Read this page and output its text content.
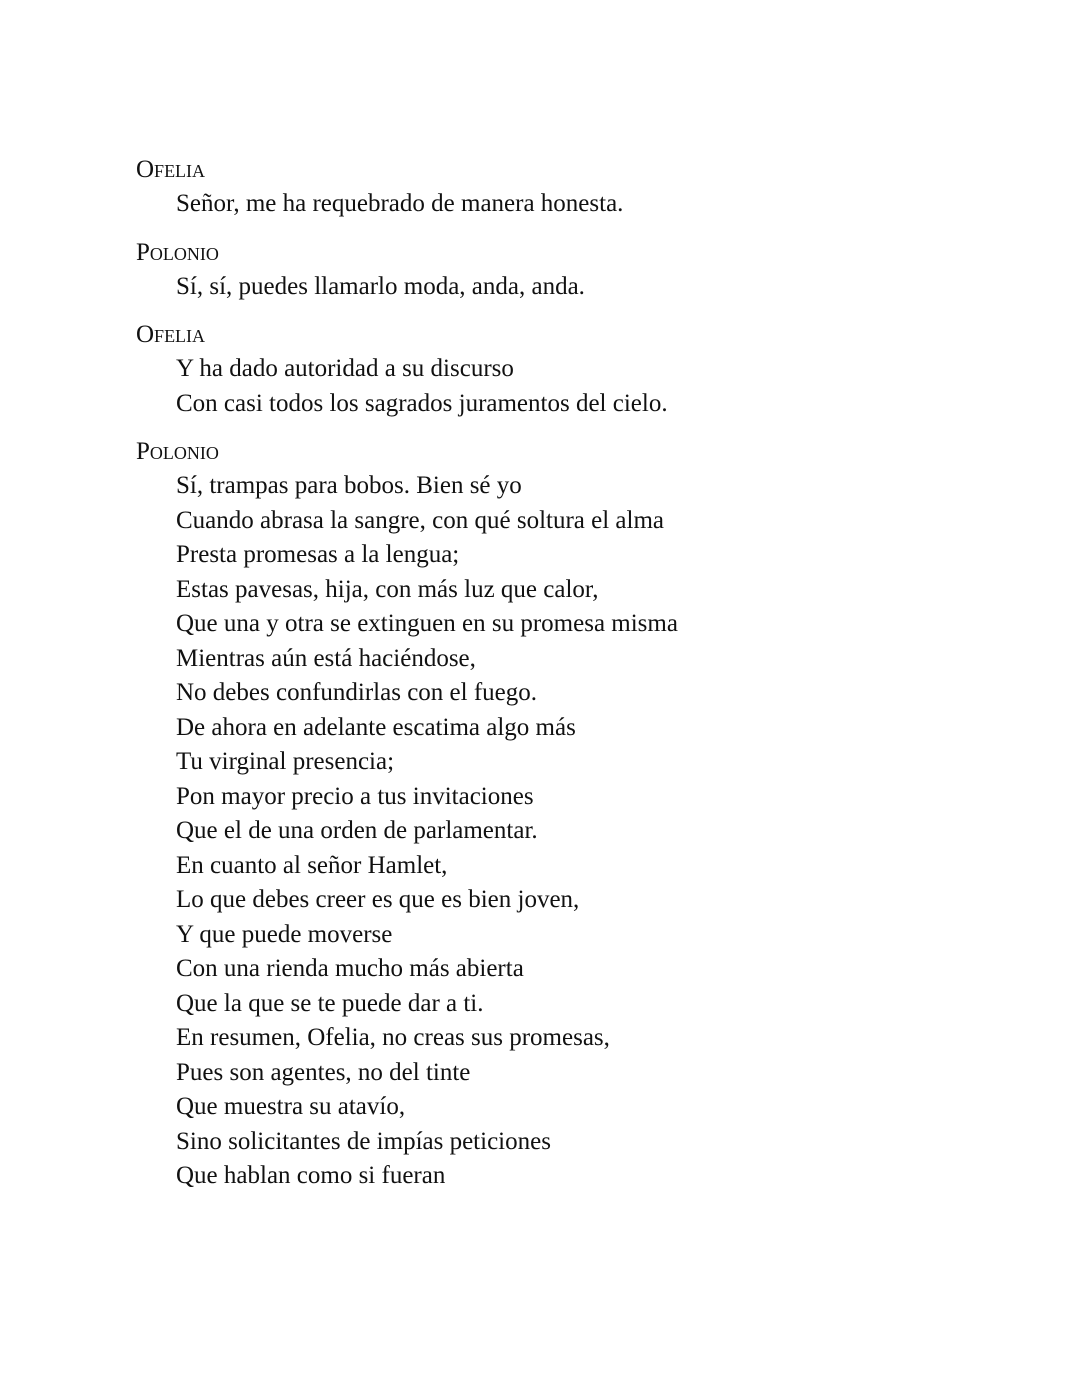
Ofelia

Señor, me ha requebrado de manera honesta.

Polonio

Sí, sí, puedes llamarlo moda, anda, anda.

Ofelia

Y ha dado autoridad a su discurso
Con casi todos los sagrados juramentos del cielo.

Polonio

Sí, trampas para bobos. Bien sé yo
Cuando abrasa la sangre, con qué soltura el alma
Presta promesas a la lengua;
Estas pavesas, hija, con más luz que calor,
Que una y otra se extinguen en su promesa misma
Mientras aún está haciéndose,
No debes confundirlas con el fuego.
De ahora en adelante escatima algo más
Tu virginal presencia;
Pon mayor precio a tus invitaciones
Que el de una orden de parlamentar.
En cuanto al señor Hamlet,
Lo que debes creer es que es bien joven,
Y que puede moverse
Con una rienda mucho más abierta
Que la que se te puede dar a ti.
En resumen, Ofelia, no creas sus promesas,
Pues son agentes, no del tinte
Que muestra su atavío,
Sino solicitantes de impías peticiones
Que hablan como si fueran
